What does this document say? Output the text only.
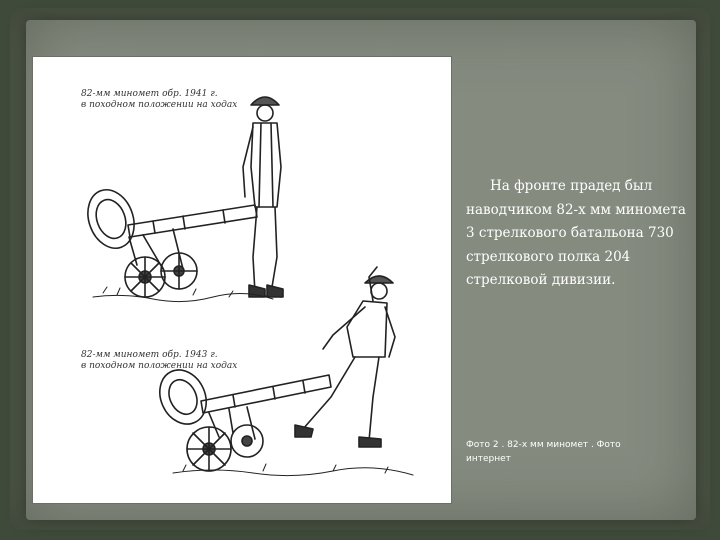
82-мм миномет обр. 1941 г.
в походном положении на ходах
82-мм миномет обр. 1943 г.
в походном положении на ходах
На фронте прадед был наводчиком 82-х мм миномета 3 стрелкового батальона 730 стрелкового полка 204 стрелковой дивизии.
Фото 2 . 82-х мм миномет . Фото интернет
